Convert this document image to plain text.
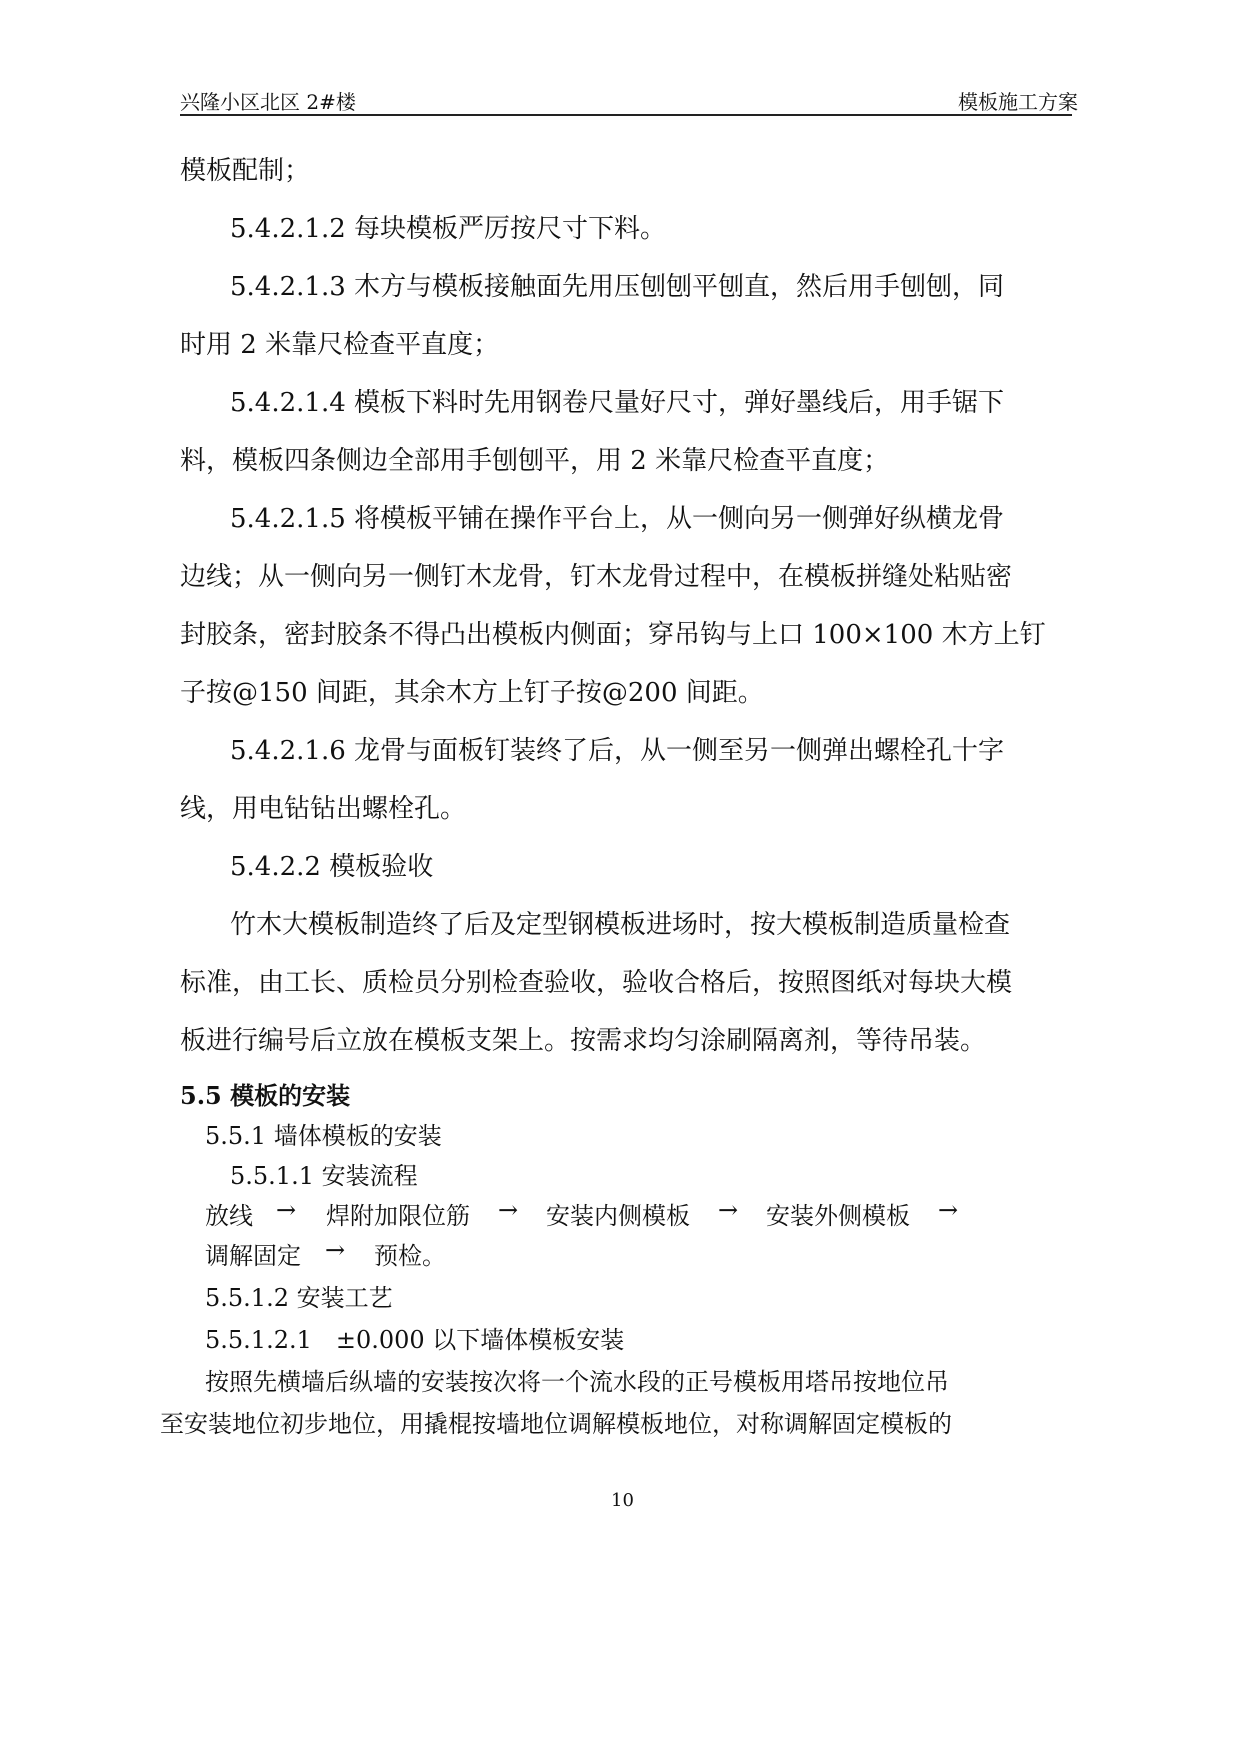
兴隆小区北区 2#楼	模板施工方案
模板配制；
5.4.2.1.2 每块模板严厉按尺寸下料。
5.4.2.1.3 木方与模板接触面先用压刨刨平刨直，然后用手刨刨，同
时用 2 米靠尺检查平直度；
5.4.2.1.4 模板下料时先用钢卷尺量好尺寸，弹好墨线后，用手锯下
料，模板四条侧边全部用手刨刨平，用 2 米靠尺检查平直度；
5.4.2.1.5 将模板平铺在操作平台上，从一侧向另一侧弹好纵横龙骨
边线；从一侧向另一侧钉木龙骨，钉木龙骨过程中，在模板拼缝处粘贴密
封胶条，密封胶条不得凸出模板内侧面；穿吊钩与上口 100×100 木方上钉
子按@150 间距，其余木方上钉子按@200 间距。
5.4.2.1.6 龙骨与面板钉装终了后，从一侧至另一侧弹出螺栓孔十字
线，用电钻钻出螺栓孔。
5.4.2.2 模板验收
竹木大模板制造终了后及定型钢模板进场时，按大模板制造质量检查
标准，由工长、质检员分别检查验收，验收合格后，按照图纸对每块大模
板进行编号后立放在模板支架上。按需求均匀涂刷隔离剂，等待吊装。
5.5 模板的安装
5.5.1 墙体模板的安装
5.5.1.1 安装流程
放线 → 焊附加限位筋 → 安装内侧模板 → 安装外侧模板 →
调解固定 → 预检。
5.5.1.2 安装工艺
5.5.1.2.1　±0.000 以下墙体模板安装
按照先横墙后纵墙的安装按次将一个流水段的正号模板用塔吊按地位吊
至安装地位初步地位，用撬棍按墙地位调解模板地位，对称调解固定模板的
10
